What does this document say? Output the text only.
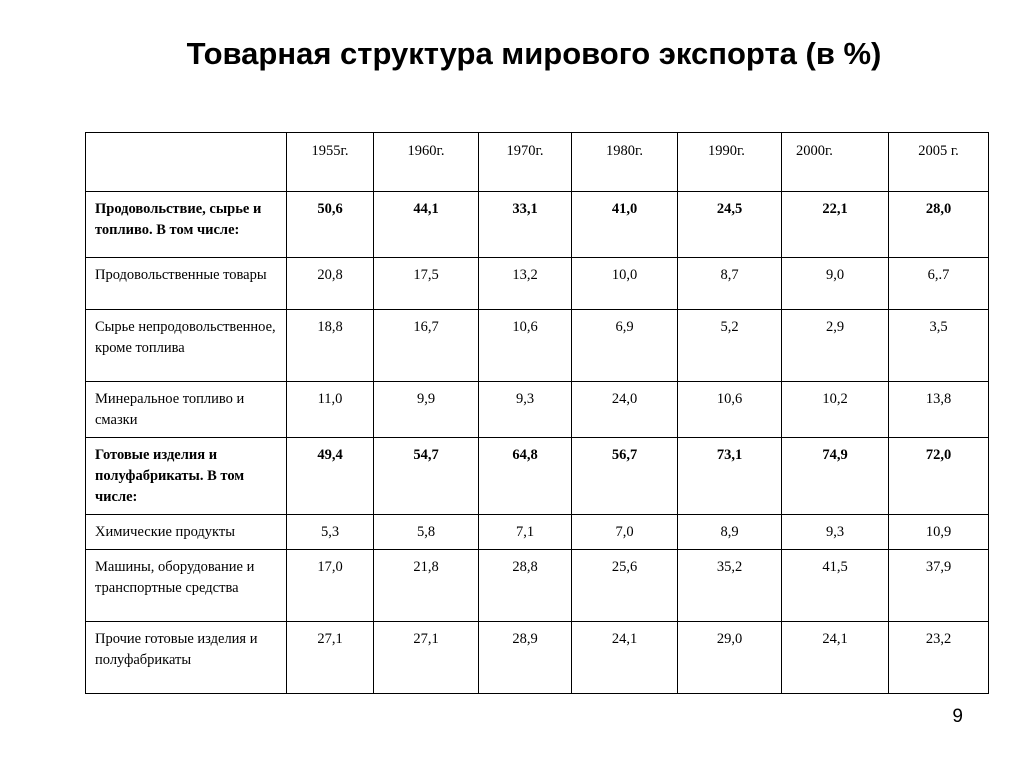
Товарная структура мирового экспорта (в %)
	1955г.	1960г.	1970г.	1980г.	1990г.	2000г.	2005 г.
Продовольствие, сырье и топливо. В том числе:	50,6	44,1	33,1	41,0	24,5	22,1	28,0
Продовольственные товары	20,8	17,5	13,2	10,0	8,7	9,0	6,.7
Сырье непродовольственное, кроме топлива	18,8	16,7	10,6	6,9	5,2	2,9	3,5
Минеральное топливо и смазки	11,0	9,9	9,3	24,0	10,6	10,2	13,8
Готовые изделия и полуфабрикаты. В том числе:	49,4	54,7	64,8	56,7	73,1	74,9	72,0
Химические продукты	5,3	5,8	7,1	7,0	8,9	9,3	10,9
Машины, оборудование и транспортные средства	17,0	21,8	28,8	25,6	35,2	41,5	37,9
Прочие готовые изделия и полуфабрикаты	27,1	27,1	28,9	24,1	29,0	24,1	23,2
9
